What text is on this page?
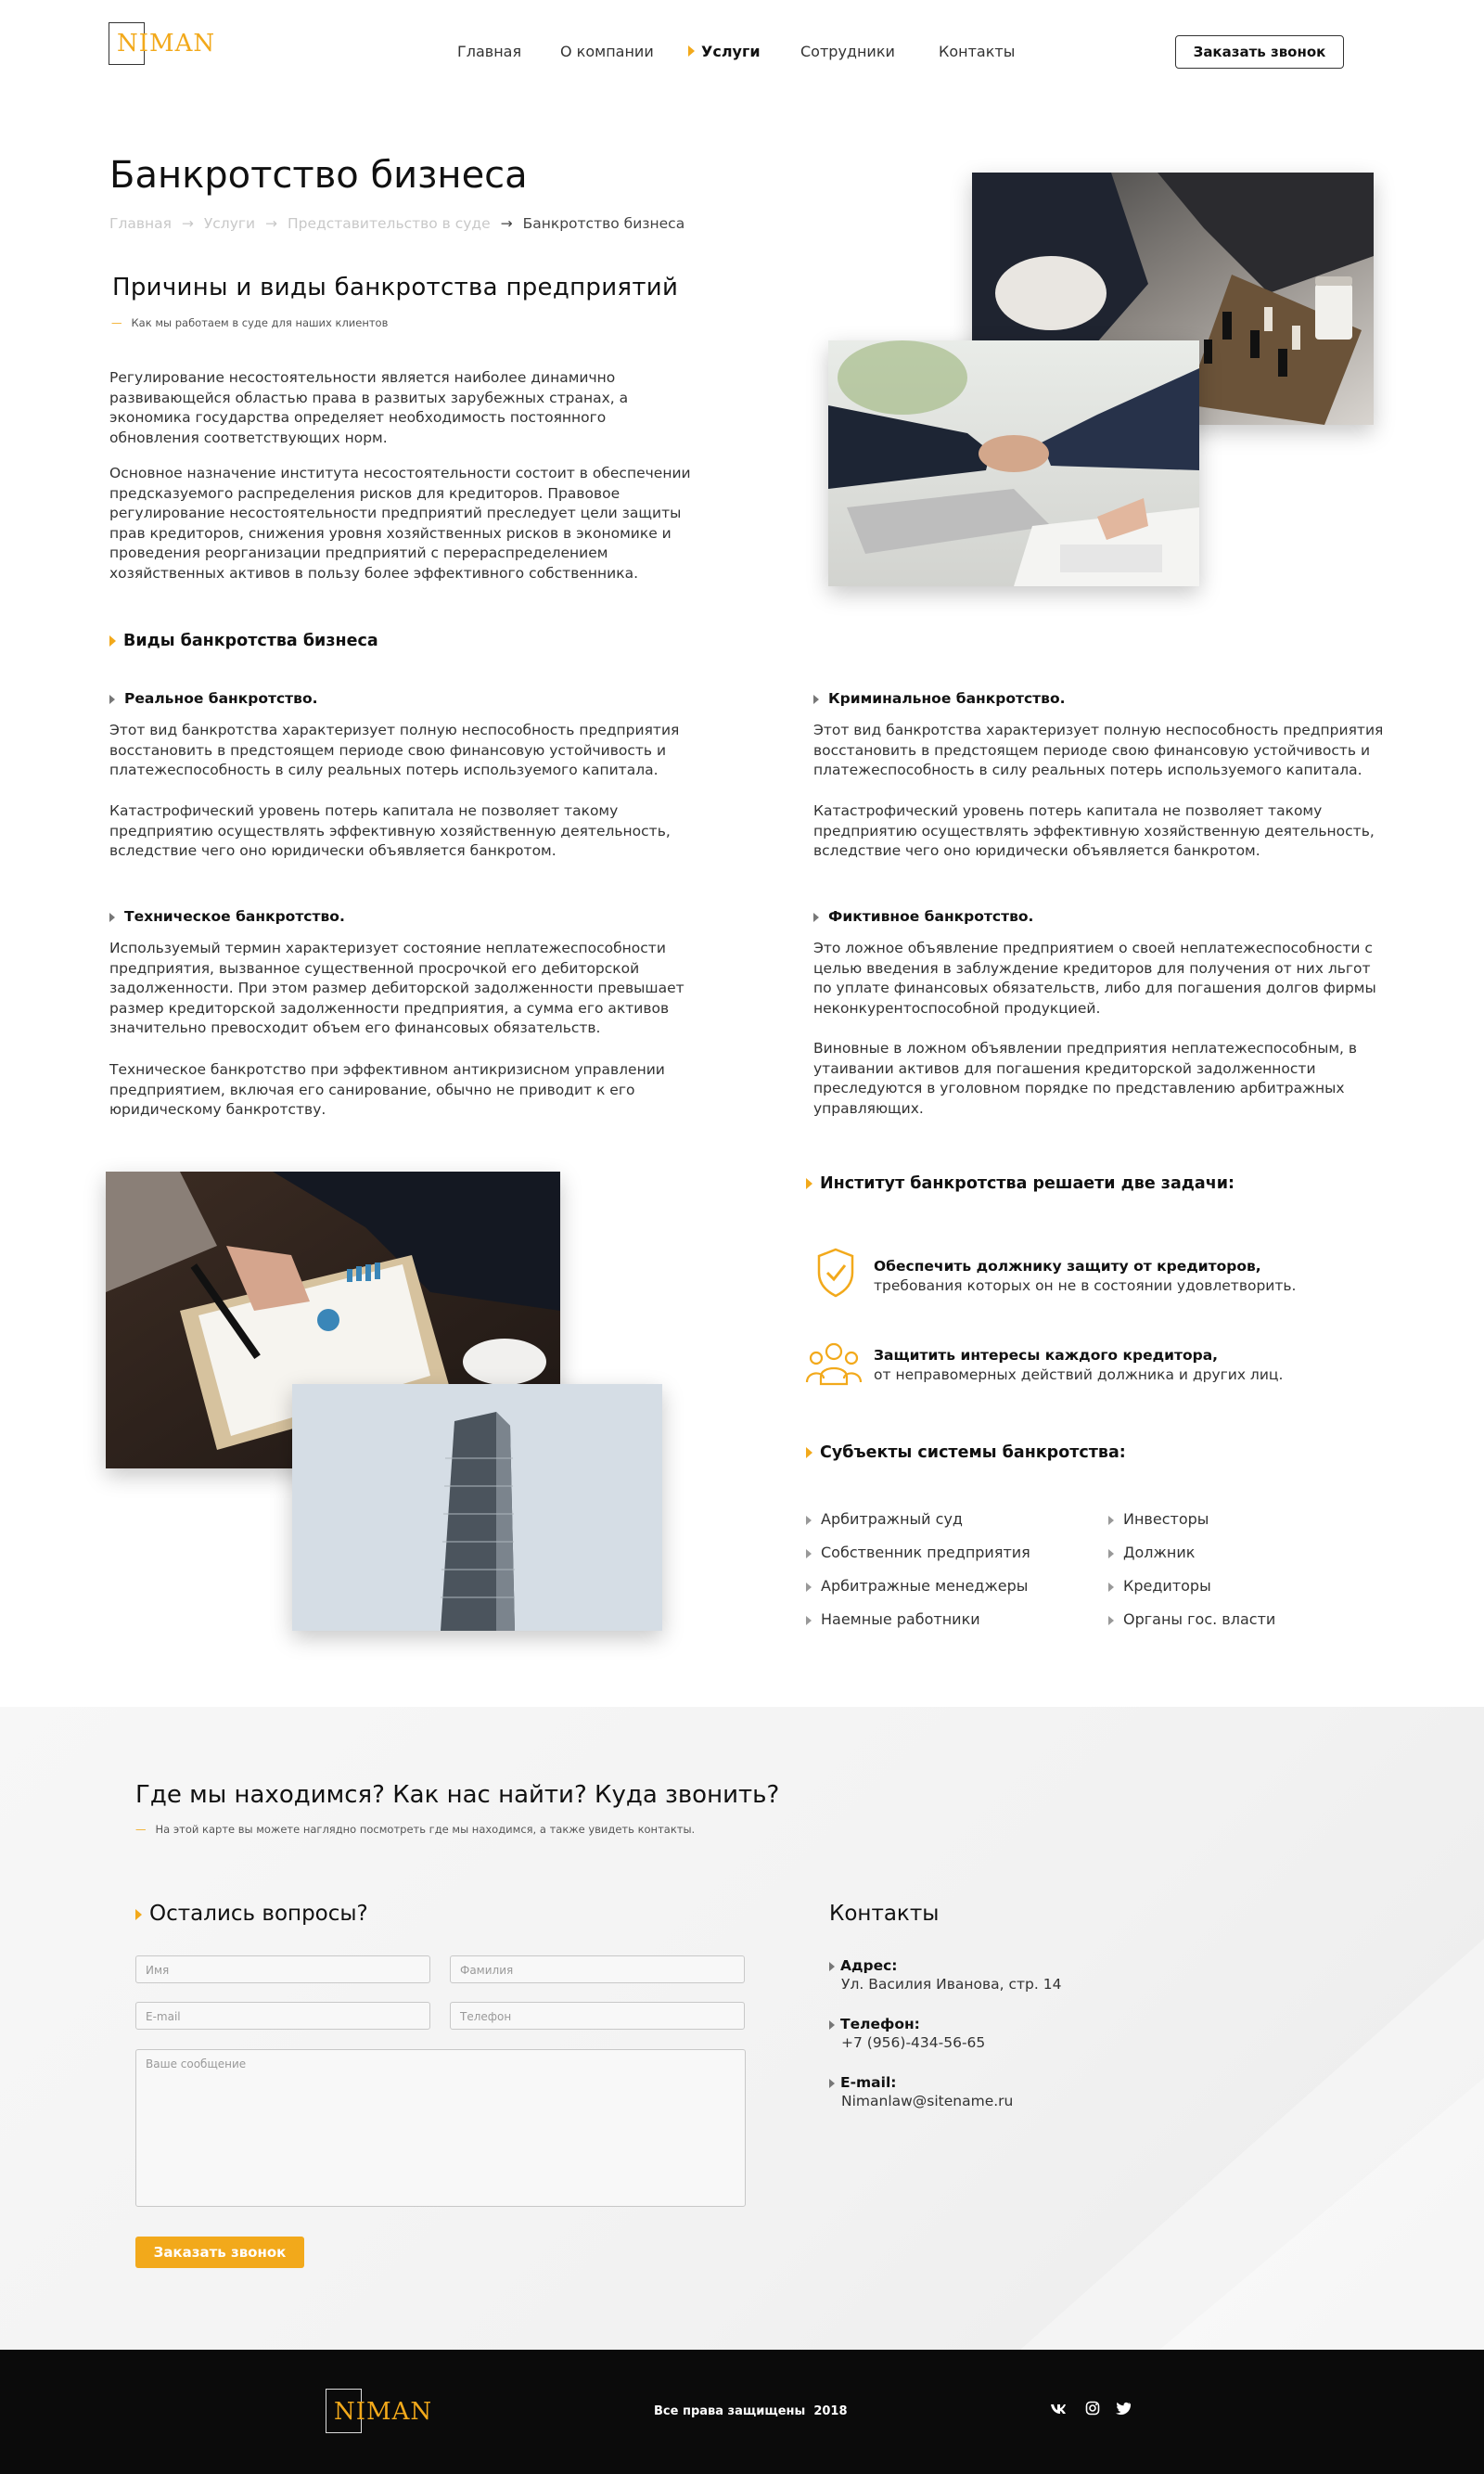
NIMAN	Главная	О компании	Услуги	Сотрудники	Контакты	Заказать звонок
Банкротство бизнеса
Главная → Услуги → Представительство в суде → Банкротство бизнеса
Причины и виды банкротства предприятий
— Как мы работаем в суде для наших клиентов

Регулирование несостоятельности является наиболее динамично развивающейся областью права в развитых зарубежных странах, а экономика государства определяет необходимость постоянного обновления соответствующих норм.

Основное назначение института несостоятельности состоит в обеспечении предсказуемого распределения рисков для кредиторов. Правовое регулирование несостоятельности предприятий преследует цели защиты прав кредиторов, снижения уровня хозяйственных рисков в экономике и проведения реорганизации предприятий с перераспределением хозяйственных активов в пользу более эффективного собственника.

Виды банкротства бизнеса
Реальное банкротство.

Этот вид банкротства характеризует полную неспособность предприятия восстановить в предстоящем периоде свою финансовую устойчивость и платежеспособность в силу реальных потерь используемого капитала.

Катастрофический уровень потерь капитала не позволяет такому предприятию осуществлять эффективную хозяйственную деятельность, вследствие чего оно юридически объявляется банкротом.

Криминальное банкротство.

Этот вид банкротства характеризует полную неспособность предприятия восстановить в предстоящем периоде свою финансовую устойчивость и платежеспособность в силу реальных потерь используемого капитала.

Катастрофический уровень потерь капитала не позволяет такому предприятию осуществлять эффективную хозяйственную деятельность, вследствие чего оно юридически объявляется банкротом.

Техническое банкротство.

Используемый термин характеризует состояние неплатежеспособности предприятия, вызванное существенной просрочкой его дебиторской задолженности. При этом размер дебиторской задолженности превышает размер кредиторской задолженности предприятия, а сумма его активов значительно превосходит объем его финансовых обязательств.

Техническое банкротство при эффективном антикризисном управлении предприятием, включая его санирование, обычно не приводит к его юридическому банкротству.

Фиктивное банкротство.

Это ложное объявление предприятием о своей неплатежеспособности с целью введения в заблуждение кредиторов для получения от них льгот по уплате финансовых обязательств, либо для погашения долгов фирмы неконкурентоспособной продукцией.

Виновные в ложном объявлении предприятия неплатежеспособным, в утаивании активов для погашения кредиторской задолженности преследуются в уголовном порядке по представлению арбитражных управляющих.

Институт банкротства решаети две задачи:
Обеспечить должнику защиту от кредиторов,
требования которых он не в состоянии удовлетворить.
Защитить интересы каждого кредитора,
от неправомерных действий должника и других лиц.
Субъекты системы банкротства:
Арбитражный суд
Собственник предприятия
Арбитражные менеджеры
Наемные работники
Инвесторы
Должник
Кредиторы
Органы гос. власти
Где мы находимся? Как нас найти? Куда звонить?
— На этой карте вы можете наглядно посмотреть где мы находимся, а также увидеть контакты.
Остались вопросы?
Имя	Фамилия
E-mail	Телефон
Ваше сообщение
Заказать звонок
Контакты
Адрес:
Ул. Василия Иванова, стр. 14
Телефон:
+7 (956)-434-56-65
E-mail:
Nimanlaw@sitename.ru
NIMAN	Все права защищены  2018
